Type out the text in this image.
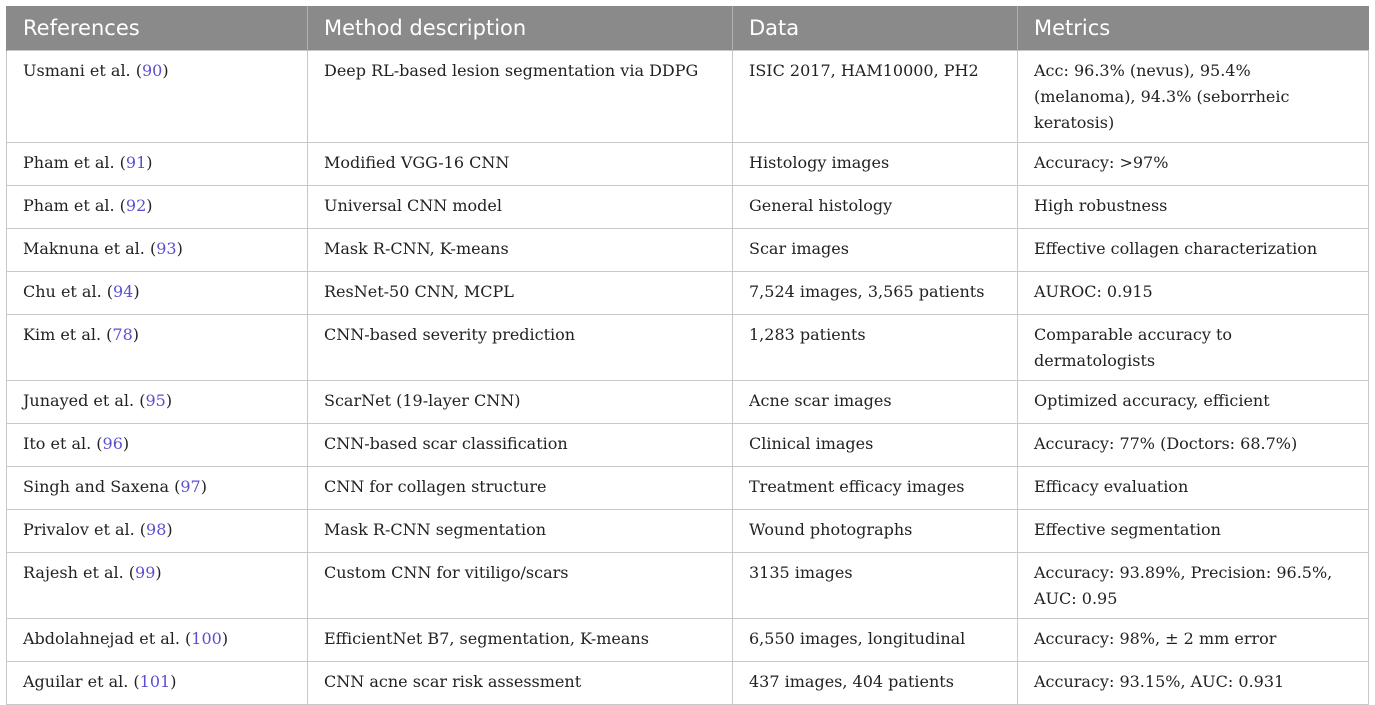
References	Method description	Data	Metrics
Usmani et al. (90)	Deep RL-based lesion segmentation via DDPG	ISIC 2017, HAM10000, PH2	Acc: 96.3% (nevus), 95.4% (melanoma), 94.3% (seborrheic keratosis)
Pham et al. (91)	Modified VGG-16 CNN	Histology images	Accuracy: >97%
Pham et al. (92)	Universal CNN model	General histology	High robustness
Maknuna et al. (93)	Mask R-CNN, K-means	Scar images	Effective collagen characterization
Chu et al. (94)	ResNet-50 CNN, MCPL	7,524 images, 3,565 patients	AUROC: 0.915
Kim et al. (78)	CNN-based severity prediction	1,283 patients	Comparable accuracy to dermatologists
Junayed et al. (95)	ScarNet (19-layer CNN)	Acne scar images	Optimized accuracy, efficient
Ito et al. (96)	CNN-based scar classification	Clinical images	Accuracy: 77% (Doctors: 68.7%)
Singh and Saxena (97)	CNN for collagen structure	Treatment efficacy images	Efficacy evaluation
Privalov et al. (98)	Mask R-CNN segmentation	Wound photographs	Effective segmentation
Rajesh et al. (99)	Custom CNN for vitiligo/scars	3135 images	Accuracy: 93.89%, Precision: 96.5%, AUC: 0.95
Abdolahnejad et al. (100)	EfficientNet B7, segmentation, K-means	6,550 images, longitudinal	Accuracy: 98%, ± 2 mm error
Aguilar et al. (101)	CNN acne scar risk assessment	437 images, 404 patients	Accuracy: 93.15%, AUC: 0.931
